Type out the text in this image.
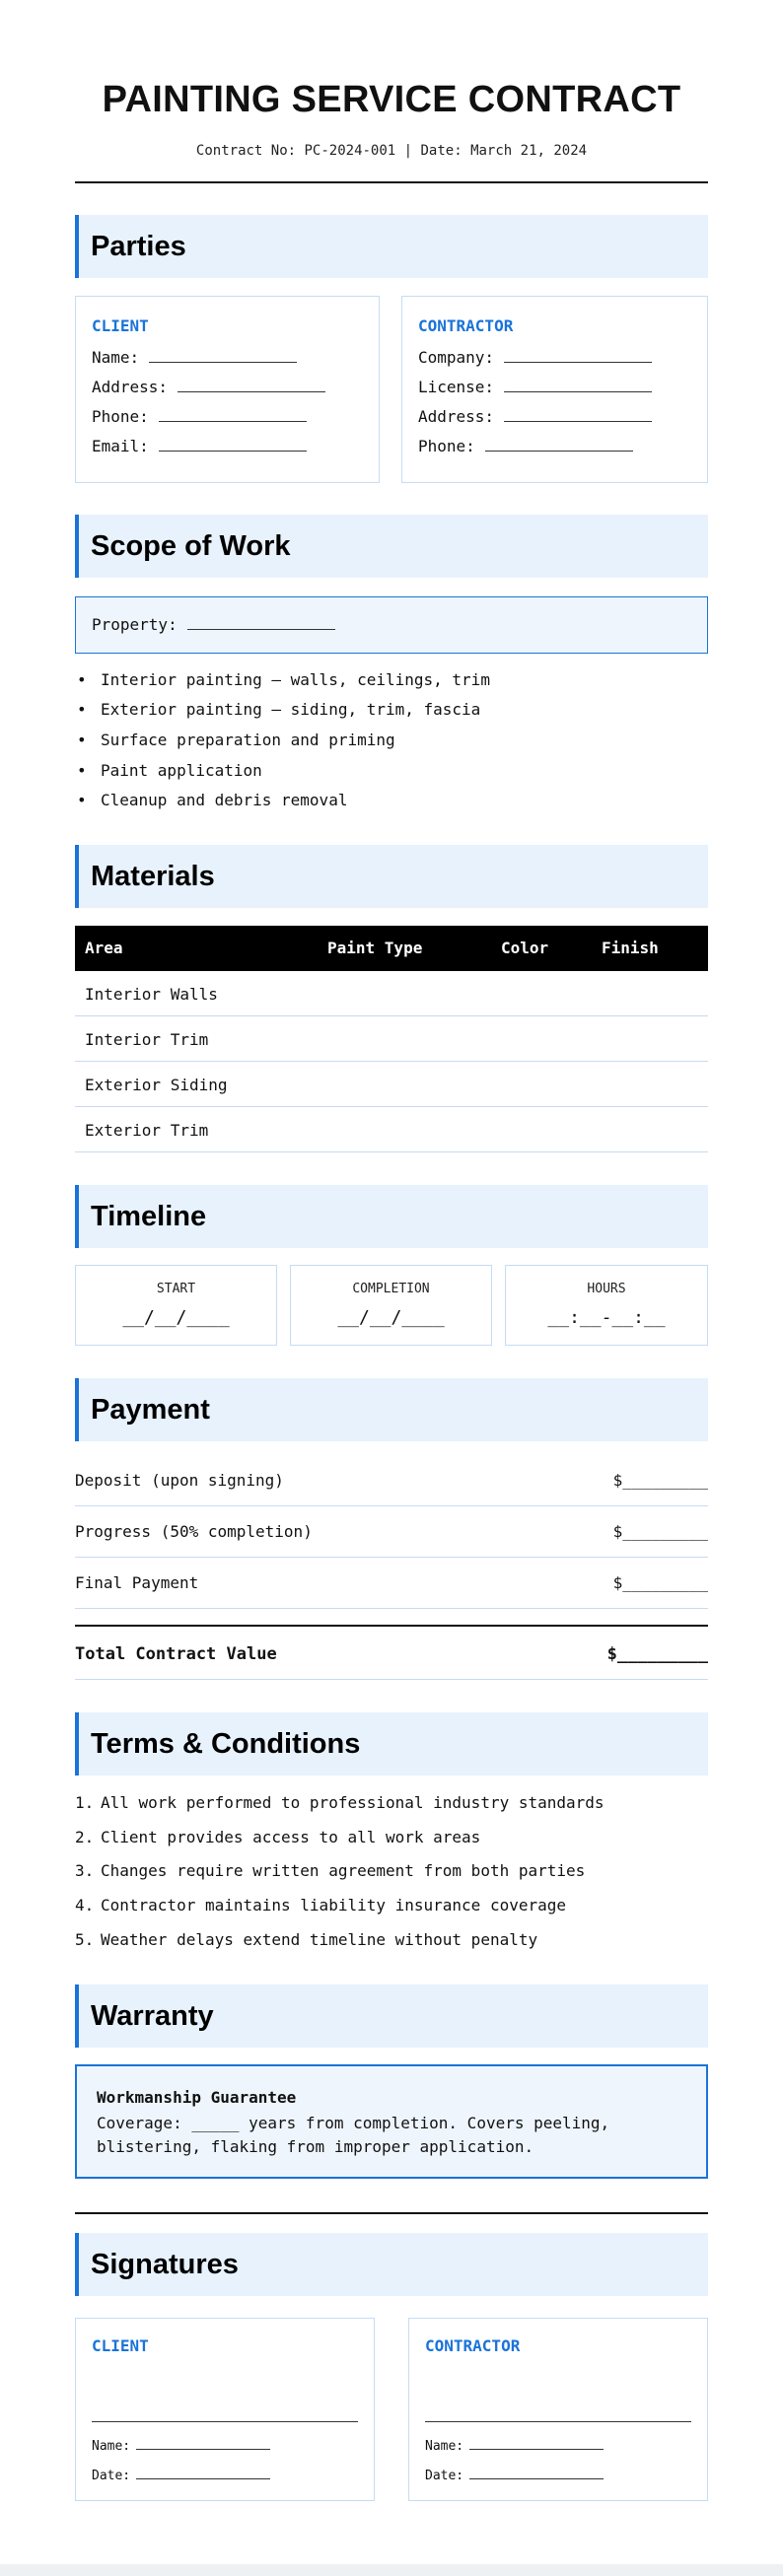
PAINTING SERVICE CONTRACT
Contract No: PC-2024-001 | Date: March 21, 2024
Parties
CLIENT
Name:
Address:
Phone:
Email:
CONTRACTOR
Company:
License:
Address:
Phone:
Scope of Work
Property:
• Interior painting – walls, ceilings, trim
• Exterior painting – siding, trim, fascia
• Surface preparation and priming
• Paint application
• Cleanup and debris removal
Materials
Area	Paint Type	Color	Finish
Interior Walls
Interior Trim
Exterior Siding
Exterior Trim
Timeline
START
__/__/____
COMPLETION
__/__/____
HOURS
__:__-__:__
Payment
Deposit (upon signing)	$_________
Progress (50% completion)	$_________
Final Payment	$_________
Total Contract Value	$_________
Terms & Conditions
1. All work performed to professional industry standards
2. Client provides access to all work areas
3. Changes require written agreement from both parties
4. Contractor maintains liability insurance coverage
5. Weather delays extend timeline without penalty
Warranty
Workmanship Guarantee
Coverage: _____ years from completion. Covers peeling, blistering, flaking from improper application.
Signatures
CLIENT
Name:
Date:
CONTRACTOR
Name:
Date:
